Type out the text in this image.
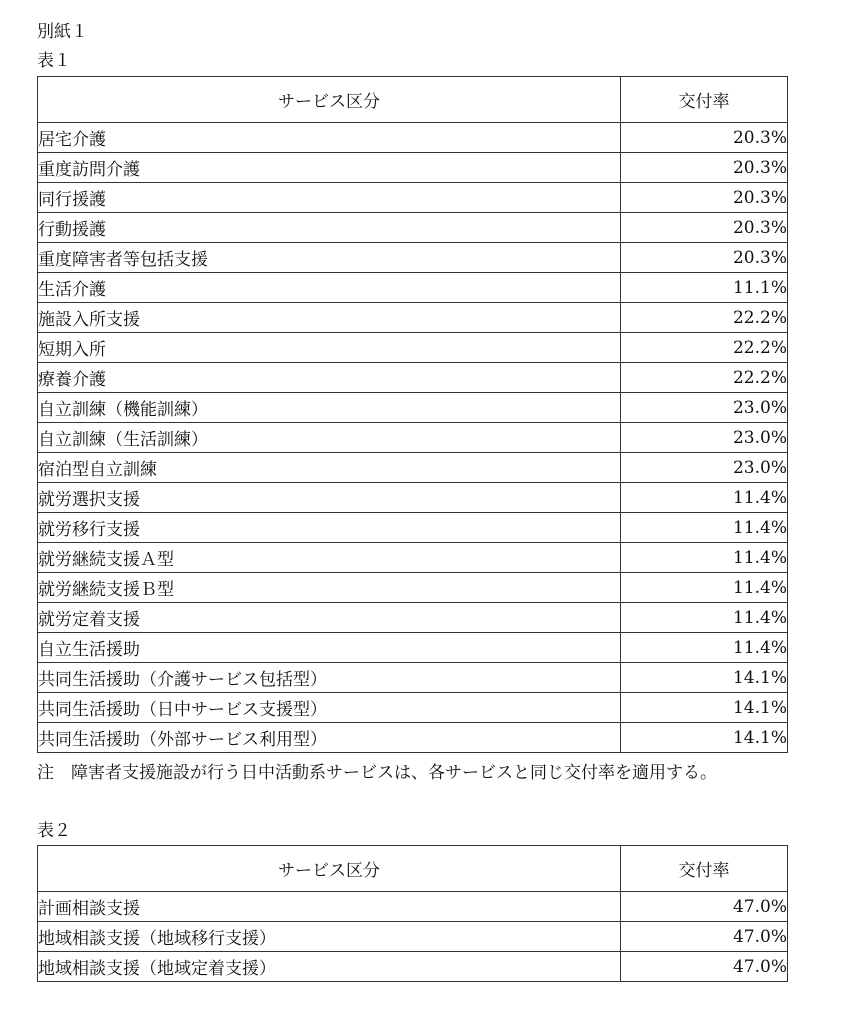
別紙１
表１
サービス区分	交付率
居宅介護	20.3%
重度訪問介護	20.3%
同行援護	20.3%
行動援護	20.3%
重度障害者等包括支援	20.3%
生活介護	11.1%
施設入所支援	22.2%
短期入所	22.2%
療養介護	22.2%
自立訓練（機能訓練）	23.0%
自立訓練（生活訓練）	23.0%
宿泊型自立訓練	23.0%
就労選択支援	11.4%
就労移行支援	11.4%
就労継続支援Ａ型	11.4%
就労継続支援Ｂ型	11.4%
就労定着支援	11.4%
自立生活援助	11.4%
共同生活援助（介護サービス包括型）	14.1%
共同生活援助（日中サービス支援型）	14.1%
共同生活援助（外部サービス利用型）	14.1%
注　障害者支援施設が行う日中活動系サービスは、各サービスと同じ交付率を適用する。
表２
サービス区分	交付率
計画相談支援	47.0%
地域相談支援（地域移行支援）	47.0%
地域相談支援（地域定着支援）	47.0%
